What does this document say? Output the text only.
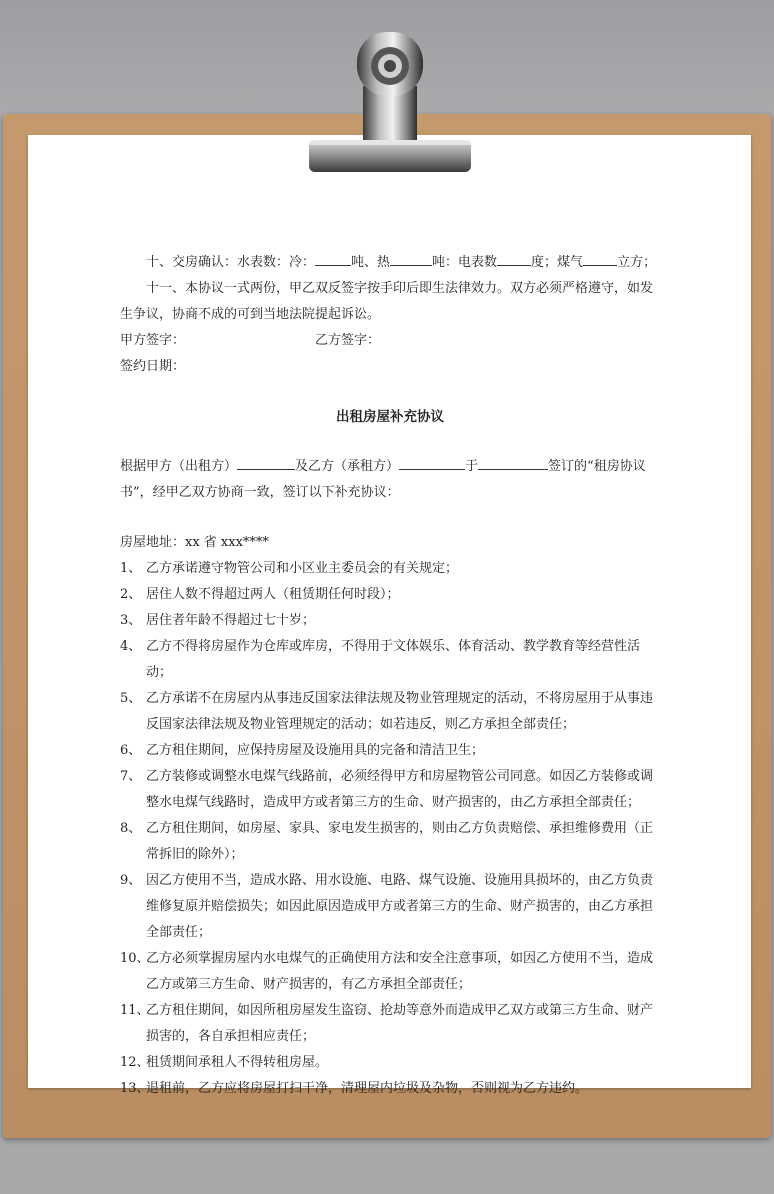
十、交房确认：水表数：冷：	吨、热	吨：电表数	度；煤气	立方；

十一、本协议一式两份，甲乙双反签字按手印后即生法律效力。双方必须严格遵守，如发生争议，协商不成的可到当地法院提起诉讼。

甲方签字：	乙方签字：

签约日期：

出租房屋补充协议

根据甲方（出租方）	及乙方（承租方）	于	签订的“租房协议书”，经甲乙双方协商一致，签订以下补充协议：

房屋地址：xx 省 xxx****

1、 乙方承诺遵守物管公司和小区业主委员会的有关规定；
2、 居住人数不得超过两人（租赁期任何时段）；
3、 居住者年龄不得超过七十岁；
4、 乙方不得将房屋作为仓库或库房，不得用于文体娱乐、体育活动、教学教育等经营性活动；
5、 乙方承诺不在房屋内从事违反国家法律法规及物业管理规定的活动，不将房屋用于从事违反国家法律法规及物业管理规定的活动；如若违反，则乙方承担全部责任；
6、 乙方租住期间，应保持房屋及设施用具的完备和清洁卫生；
7、 乙方装修或调整水电煤气线路前，必须经得甲方和房屋物管公司同意。如因乙方装修或调整水电煤气线路时，造成甲方或者第三方的生命、财产损害的，由乙方承担全部责任；
8、 乙方租住期间，如房屋、家具、家电发生损害的，则由乙方负责赔偿、承担维修费用（正常拆旧的除外）；
9、 因乙方使用不当，造成水路、用水设施、电路、煤气设施、设施用具损坏的，由乙方负责维修复原并赔偿损失；如因此原因造成甲方或者第三方的生命、财产损害的，由乙方承担全部责任；
10、
乙方必须掌握房屋内水电煤气的正确使用方法和安全注意事项，如因乙方使用不当，造成乙方或第三方生命、财产损害的，有乙方承担全部责任；
11、
乙方租住期间，如因所租房屋发生盗窃、抢劫等意外而造成甲乙双方或第三方生命、财产损害的，各自承担相应责任；
12、
租赁期间承租人不得转租房屋。
13、
退租前，乙方应将房屋打扫干净，清理屋内垃圾及杂物，否则视为乙方违约。
